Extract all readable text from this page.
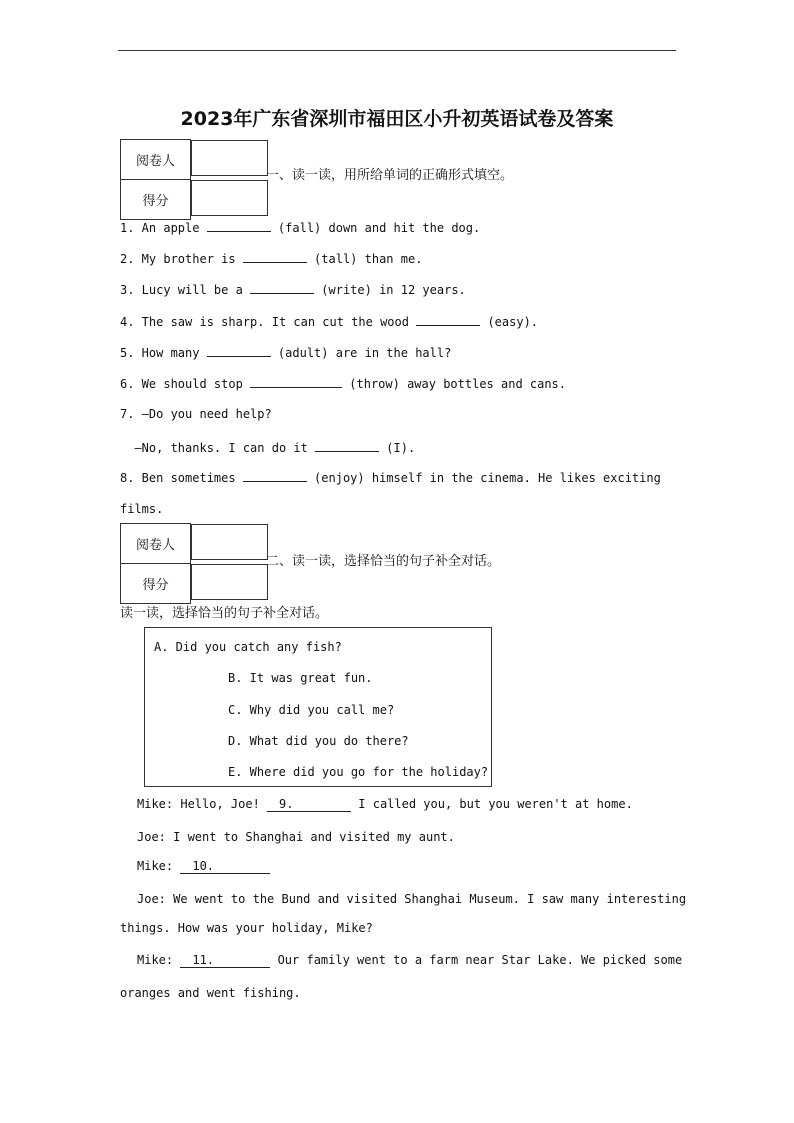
2023年广东省深圳市福田区小升初英语试卷及答案
阅卷人	
得分	
一、读一读，用所给单词的正确形式填空。
1. An apple	(fall) down and hit the dog.
2. My brother is	(tall) than me.
3. Lucy will be a	(write) in 12 years.
4. The saw is sharp. It can cut the wood	(easy).
5. How many	(adult) are in the hall?
6. We should stop	(throw) away bottles and cans.
7. —Do you need help?
—No, thanks. I can do it	(I).
8. Ben sometimes	(enjoy) himself in the cinema. He likes exciting
films.
阅卷人	
得分	
二、读一读，选择恰当的句子补全对话。
读一读，选择恰当的句子补全对话。
A. Did you catch any fish?
B. It was great fun.
C. Why did you call me?
D. What did you do there?
E. Where did you go for the holiday?
Mike: Hello, Joe! 9.	I called you, but you weren't at home.
Joe: I went to Shanghai and visited my aunt.
Mike: 10.
Joe: We went to the Bund and visited Shanghai Museum. I saw many interesting
things. How was your holiday, Mike?
Mike: 11.	Our family went to a farm near Star Lake. We picked some
oranges and went fishing.
